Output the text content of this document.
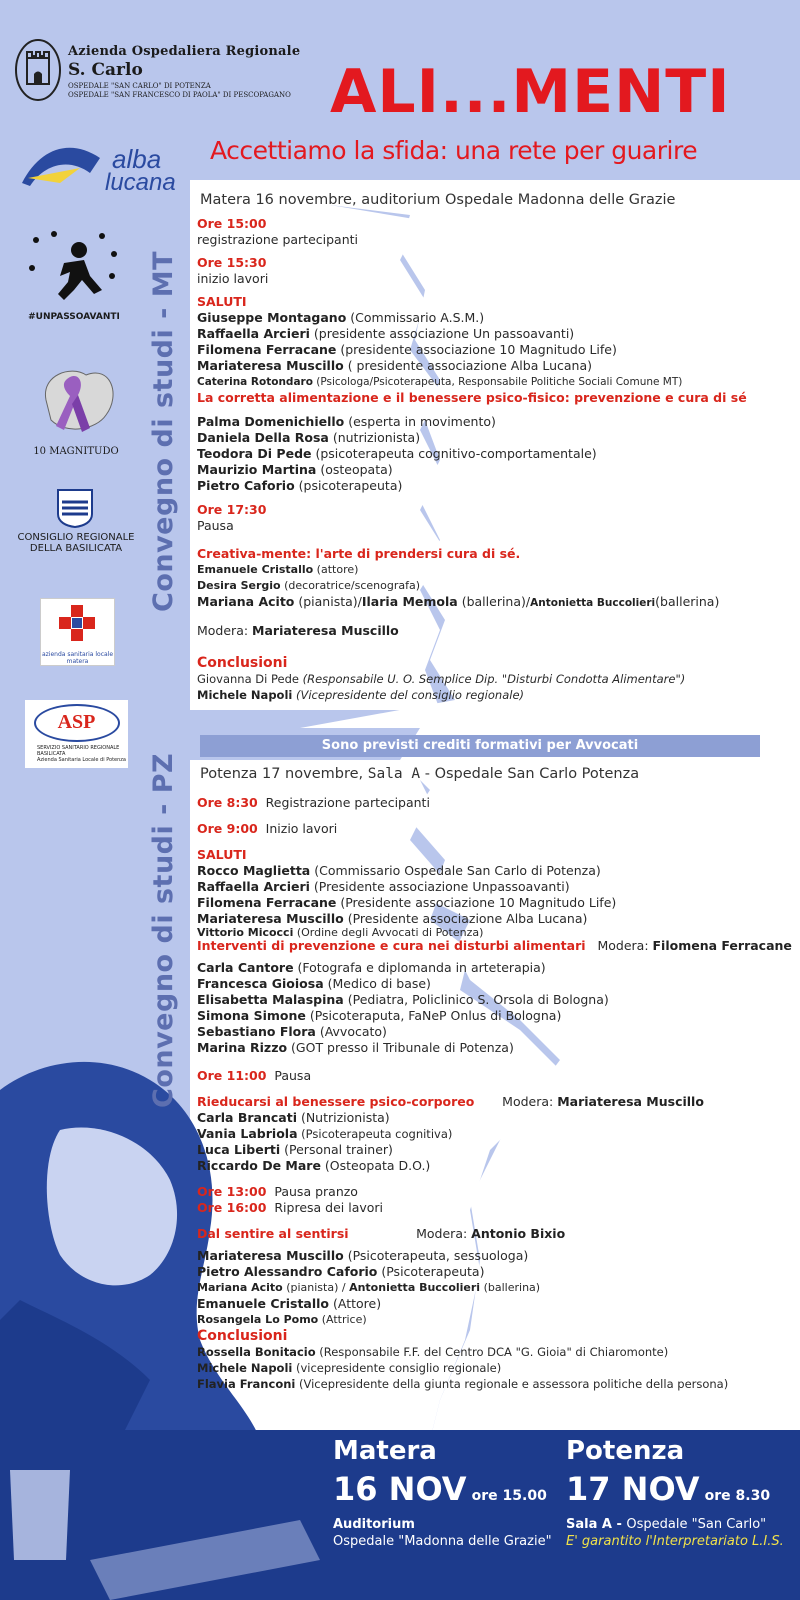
Azienda Ospedaliera Regionale
S. Carlo
OSPEDALE "SAN CARLO" DI POTENZA
OSPEDALE "SAN FRANCESCO DI PAOLA" DI PESCOPAGANO ALI...MENTI
Accettiamo la sfida: una rete per guarire
alba
lucana
#UNPASSOAVANTI
10 MAGNITUDO
CONSIGLIO REGIONALE
DELLA BASILICATA
azienda sanitaria locale matera
ASP
SERVIZIO SANITARIO REGIONALE
BASILICATA
Azienda Sanitaria Locale di Potenza
Convegno di studi - MT
Convegno di studi - PZ
Matera 16 novembre, auditorium Ospedale Madonna delle Grazie
Ore 15:00
registrazione partecipanti
Ore 15:30
inizio lavori
SALUTI
Giuseppe Montagano (Commissario A.S.M.)
Raffaella Arcieri (presidente associazione Un passoavanti)
Filomena Ferracane (presidente associazione 10 Magnitudo Life)
Mariateresa Muscillo ( presidente associazione Alba Lucana)
Caterina Rotondaro (Psicologa/Psicoterapeuta, Responsabile Politiche Sociali Comune MT)
La corretta alimentazione e il benessere psico-fisico: prevenzione e cura di sé
Palma Domenichiello (esperta in movimento)
Daniela Della Rosa (nutrizionista)
Teodora Di Pede (psicoterapeuta cognitivo-comportamentale)
Maurizio Martina (osteopata)
Pietro Caforio (psicoterapeuta)
Ore 17:30
Pausa
Creativa-mente: l'arte di prendersi cura di sé.
Emanuele Cristallo (attore)
Desira Sergio (decoratrice/scenografa)
Mariana Acito (pianista)/Ilaria Memola (ballerina)/Antonietta Buccolieri(ballerina)
Modera: Mariateresa Muscillo
Conclusioni
Giovanna Di Pede (Responsabile U. O. Semplice Dip. "Disturbi Condotta Alimentare")
Michele Napoli (Vicepresidente del consiglio regionale)
Sono previsti crediti formativi per Avvocati
Potenza 17 novembre, Sala A - Ospedale San Carlo Potenza
Ore 8:30 Registrazione partecipanti
Ore 9:00 Inizio lavori
SALUTI
Rocco Maglietta (Commissario Ospedale San Carlo di Potenza)
Raffaella Arcieri (Presidente associazione Unpassoavanti)
Filomena Ferracane (Presidente associazione 10 Magnitudo Life)
Mariateresa Muscillo (Presidente associazione Alba Lucana)
Vittorio Micocci (Ordine degli Avvocati di Potenza)
Interventi di prevenzione e cura nei disturbi alimentari Modera: Filomena Ferracane
Carla Cantore (Fotografa e diplomanda in arteterapia)
Francesca Gioiosa (Medico di base)
Elisabetta Malaspina (Pediatra, Policlinico S. Orsola di Bologna)
Simona Simone (Psicoteraputa, FaNeP Onlus di Bologna)
Sebastiano Flora (Avvocato)
Marina Rizzo (GOT presso il Tribunale di Potenza)
Ore 11:00 Pausa
Rieducarsi al benessere psico-corporeo Modera: Mariateresa Muscillo
Carla Brancati (Nutrizionista)
Vania Labriola (Psicoterapeuta cognitiva)
Luca Liberti (Personal trainer)
Riccardo De Mare (Osteopata D.O.)
Ore 13:00 Pausa pranzo
Ore 16:00 Ripresa dei lavori
Dal sentire al sentirsi	Modera: Antonio Bixio
Mariateresa Muscillo (Psicoterapeuta, sessuologa)
Pietro Alessandro Caforio (Psicoterapeuta)
Mariana Acito (pianista) / Antonietta Buccolieri (ballerina)
Emanuele Cristallo (Attore)
Rosangela Lo Pomo (Attrice)
Conclusioni
Rossella Bonitacio (Responsabile F.F. del Centro DCA "G. Gioia" di Chiaromonte)
Michele Napoli (vicepresidente consiglio regionale)
Flavia Franconi (Vicepresidente della giunta regionale e assessora politiche della persona)
Matera
16 NOV ore 15.00
Auditorium
Ospedale "Madonna delle Grazie"
Potenza
17 NOV ore 8.30
Sala A - Ospedale "San Carlo"
E' garantito l'Interpretariato L.I.S.
